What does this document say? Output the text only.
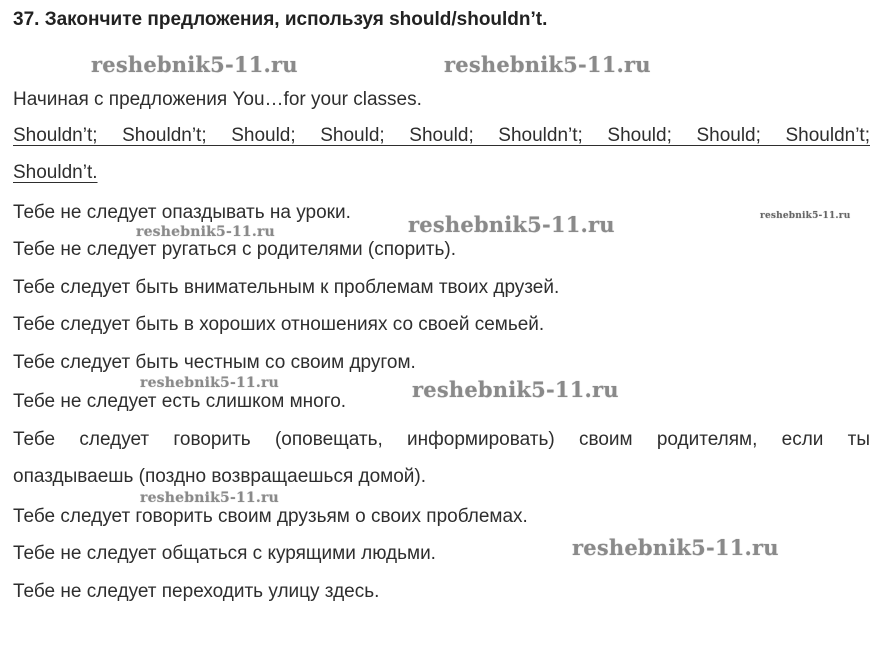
37. Закончите предложения, используя should/shouldn’t.
Начиная с предложения You…for your classes.
Shouldn’t; Shouldn’t; Should; Should; Should; Shouldn’t; Should; Should; Shouldn’t;
Shouldn’t.
Тебе не следует опаздывать на уроки.
Тебе не следует ругаться с родителями (спорить).
Тебе следует быть внимательным к проблемам твоих друзей.
Тебе следует быть в хороших отношениях со своей семьей.
Тебе следует быть честным со своим другом.
Тебе не следует есть слишком много.
Тебе следует говорить (оповещать, информировать) своим родителям, если ты
опаздываешь (поздно возвращаешься домой).
Тебе следует говорить своим друзьям о своих проблемах.
Тебе не следует общаться с курящими людьми.
Тебе не следует переходить улицу здесь.
reshebnik5-11.ru	reshebnik5-11.ru
reshebnik5-11.ru	reshebnik5-11.ru
reshebnik5-11.ru
reshebnik5-11.ru	reshebnik5-11.ru
reshebnik5-11.ru
reshebnik5-11.ru
